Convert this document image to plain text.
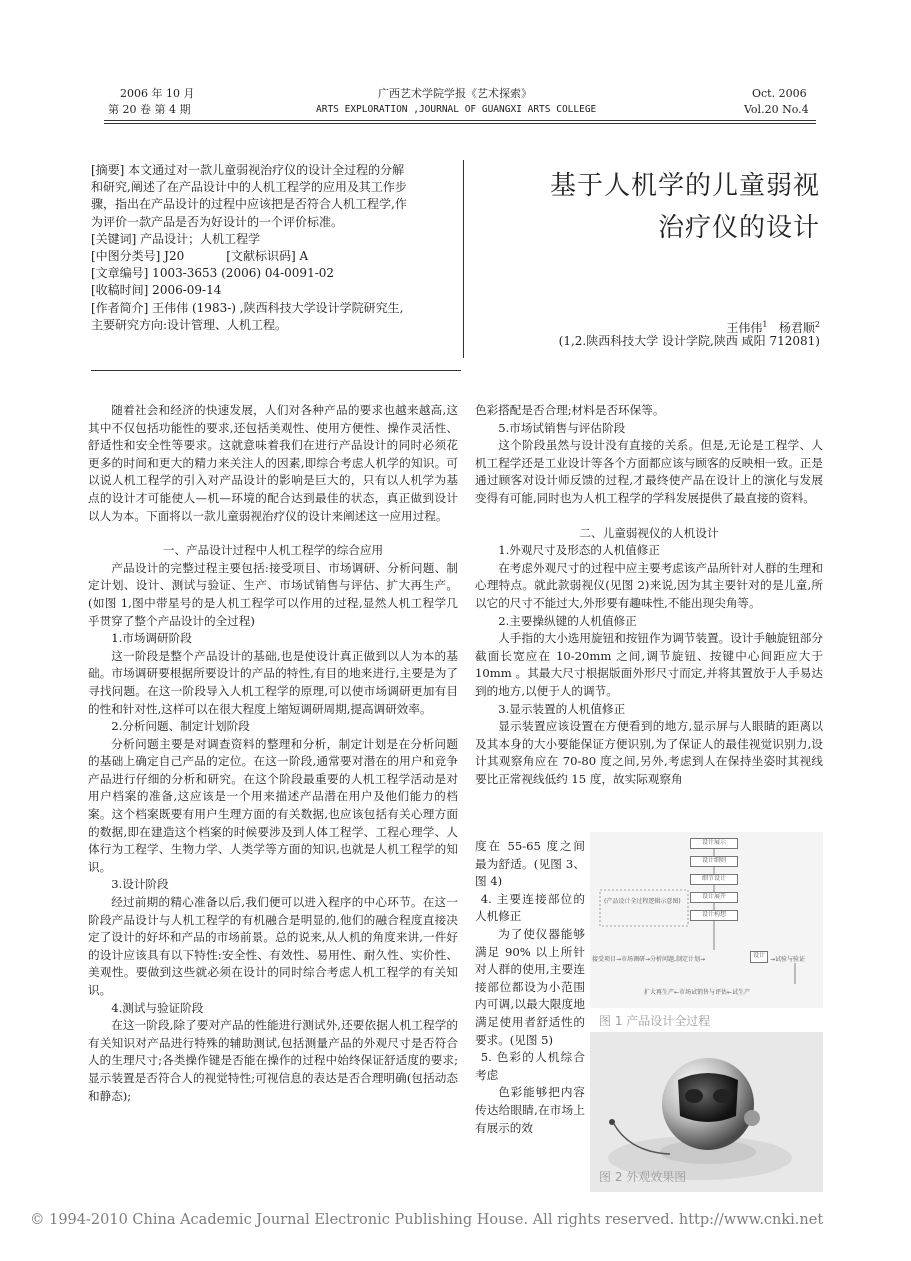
2006 年 10 月
第 20 卷 第 4 期
广西艺术学院学报《艺术探索》
ARTS EXPLORATION ,JOURNAL OF GUANGXI ARTS COLLEGE
Oct. 2006
Vol.20 No.4
[摘要] 本文通过对一款儿童弱视治疗仪的设计全过程的分解
和研究,阐述了在产品设计中的人机工程学的应用及其工作步
骤，指出在产品设计的过程中应该把是否符合人机工程学,作
为评价一款产品是否为好设计的一个评价标准。
[关键词] 产品设计；人机工程学
[中图分类号] J20	[文献标识码] A
[文章编号] 1003-3653 (2006) 04-0091-02
[收稿时间] 2006-09-14
[作者简介] 王伟伟 (1983-) ,陕西科技大学设计学院研究生,
主要研究方向:设计管理、人机工程。
基于人机学的儿童弱视
治疗仪的设计
王伟伟$^1$ 杨君顺$^2$
(1,2.陕西科技大学 设计学院,陕西 咸阳 712081)

随着社会和经济的快速发展，人们对各种产品的要求也越来越高,这其中不仅包括功能性的要求,还包括美观性、使用方便性、操作灵活性、舒适性和安全性等要求。这就意味着我们在进行产品设计的同时必须花更多的时间和更大的精力来关注人的因素,即综合考虑人机学的知识。可以说人机工程学的引入对产品设计的影响是巨大的，只有以人机学为基点的设计才可能使人—机—环境的配合达到最佳的状态，真正做到设计以人为本。下面将以一款儿童弱视治疗仪的设计来阐述这一应用过程。

一、产品设计过程中人机工程学的综合应用

产品设计的完整过程主要包括:接受项目、市场调研、分析问题、制定计划、设计、测试与验证、生产、市场试销售与评估、扩大再生产。(如图 1,图中带星号的是人机工程学可以作用的过程,显然人机工程学几乎贯穿了整个产品设计的全过程)

1.市场调研阶段

这一阶段是整个产品设计的基础,也是使设计真正做到以人为本的基础。市场调研要根据所要设计的产品的特性,有目的地来进行,主要是为了寻找问题。在这一阶段导入人机工程学的原理,可以使市场调研更加有目的性和针对性,这样可以在很大程度上缩短调研周期,提高调研效率。

2.分析问题、制定计划阶段

分析问题主要是对调查资料的整理和分析，制定计划是在分析问题的基础上确定自己产品的定位。在这一阶段,通常要对潜在的用户和竞争产品进行仔细的分析和研究。在这个阶段最重要的人机工程学活动是对用户档案的准备,这应该是一个用来描述产品潜在用户及他们能力的档案。这个档案既要有用户生理方面的有关数据,也应该包括有关心理方面的数据,即在建造这个档案的时候要涉及到人体工程学、工程心理学、人体行为工程学、生物力学、人类学等方面的知识,也就是人机工程学的知识。

3.设计阶段

经过前期的精心准备以后,我们便可以进入程序的中心环节。在这一阶段产品设计与人机工程学的有机融合是明显的,他们的融合程度直接决定了设计的好坏和产品的市场前景。总的说来,从人机的角度来讲,一件好的设计应该具有以下特性:安全性、有效性、易用性、耐久性、实价性、美观性。要做到这些就必须在设计的同时综合考虑人机工程学的有关知识。

4.测试与验证阶段

在这一阶段,除了要对产品的性能进行测试外,还要依据人机工程学的有关知识对产品进行特殊的辅助测试,包括测量产品的外观尺寸是否符合人的生理尺寸;各类操作键是否能在操作的过程中始终保证舒适度的要求;显示装置是否符合人的视觉特性;可视信息的表达是否合理明确(包括动态和静态);

色彩搭配是否合理;材料是否环保等。

5.市场试销售与评估阶段

这个阶段虽然与设计没有直接的关系。但是,无论是工程学、人机工程学还是工业设计等各个方面都应该与顾客的反映相一致。正是通过顾客对设计师反馈的过程,才最终使产品在设计上的演化与发展变得有可能,同时也为人机工程学的学科发展提供了最直接的资料。

二、儿童弱视仪的人机设计

1.外观尺寸及形态的人机值修正

在考虑外观尺寸的过程中应主要考虑该产品所针对人群的生理和心理特点。就此款弱视仪(见图 2)来说,因为其主要针对的是儿童,所以它的尺寸不能过大,外形要有趣味性,不能出现尖角等。

2.主要操纵键的人机值修正

人手指的大小选用旋钮和按钮作为调节装置。设计手触旋钮部分截面长宽应在 10-20mm 之间,调节旋钮、按键中心间距应大于 10mm 。其最大尺寸根据版面外形尺寸而定,并将其置放于人手易达到的地方,以便于人的调节。

3.显示装置的人机值修正

显示装置应该设置在方便看到的地方,显示屏与人眼睛的距离以及其本身的大小要能保证方便识别,为了保证人的最佳视觉识别力,设计其观察角应在 70-80 度之间,另外,考虑到人在保持坐姿时其视线要比正常视线低约 15 度，故实际观察角

度在 55-65 度之间最为舒适。(见图 3、图 4)

4. 主要连接部位的人机修正

为了使仪器能够满足 90% 以上所针对人群的使用,主要连接部位都设为小范围内可调,以最大限度地满足使用者舒适性的要求。(见图 5)

5. 色彩的人机综合考虑

色彩能够把内容传达给眼睛,在市场上有展示的效

设计展示
设计细则
细节设计
设计展开
设计构想
(产品设计全过程逻辑示意图)
接受项目→市场调研→分析问题,制定计划→
设计
→试验与验证
扩大再生产←市场试销售与评估←试生产
图 1 产品设计全过程
图 2 外观效果图
© 1994-2010 China Academic Journal Electronic Publishing House. All rights reserved. http://www.cnki.net
